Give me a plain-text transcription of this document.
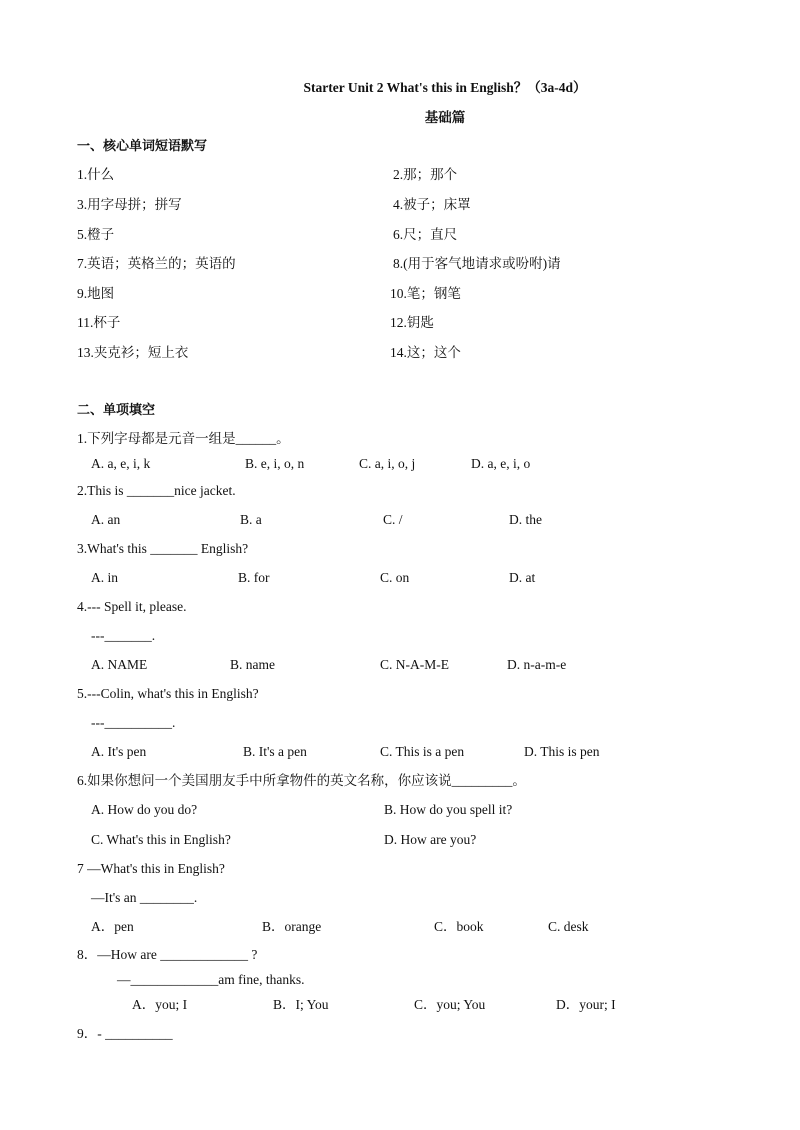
Starter Unit 2 What's this in English？（3a-4d）
基础篇
一、核心单词短语默写
1.什么	2.那；那个
3.用字母拼；拼写	4.被子；床罩
5.橙子	6.尺；直尺
7.英语；英格兰的；英语的	8.(用于客气地请求或吩咐)请
9.地图	10.笔；钢笔
11.杯子	12.钥匙
13.夹克衫；短上衣	14.这；这个
二、单项填空
1.下列字母都是元音一组是______。
A. a, e, i, k	B. e, i, o, n	C. a, i, o, j	D. a, e, i, o
2.This is _______nice jacket.
A. an	B. a	C. /	D. the
3.What's this _______ English?
A. in	B. for	C. on	D. at
4.--- Spell it, please.
---_______.
A. NAME	B. name	C. N-A-M-E	D. n-a-m-e
5.---Colin, what's this in English?
---__________.
A. It's pen	B. It's a pen	C. This is a pen	D. This is pen
6.如果你想问一个美国朋友手中所拿物件的英文名称，你应该说_________。
A. How do you do?	B. How do you spell it?
C. What's this in English?	D. How are you?
7 —What's this in English?
—It's an ________.
A．pen	B．orange	C．book	C. desk
8．—How are _____________ ?
—_____________am fine, thanks.
A．you; I	B．I; You	C．you; You	D．your; I
9．- __________
